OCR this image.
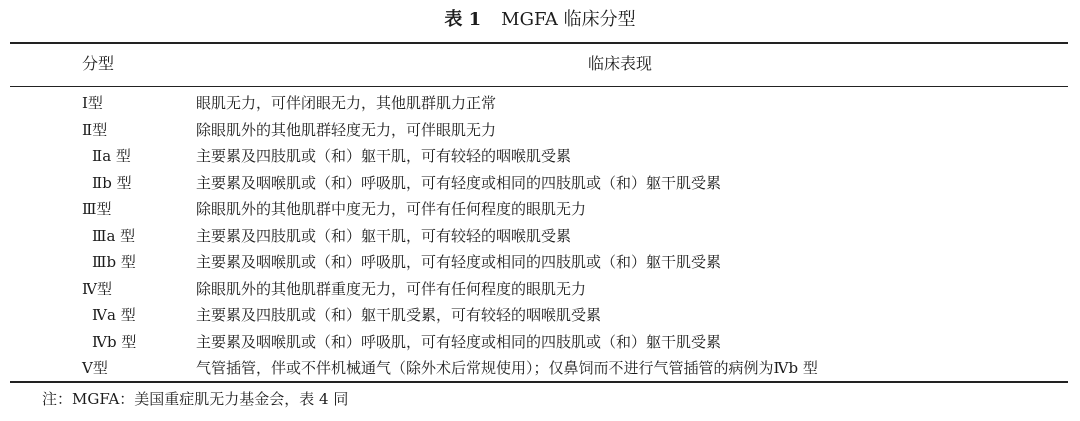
表 1 MGFA 临床分型
分型	临床表现
Ⅰ型	眼肌无力，可伴闭眼无力，其他肌群肌力正常
Ⅱ型	除眼肌外的其他肌群轻度无力，可伴眼肌无力
Ⅱa 型	主要累及四肢肌或（和）躯干肌，可有较轻的咽喉肌受累
Ⅱb 型	主要累及咽喉肌或（和）呼吸肌，可有轻度或相同的四肢肌或（和）躯干肌受累
Ⅲ型	除眼肌外的其他肌群中度无力，可伴有任何程度的眼肌无力
Ⅲa 型	主要累及四肢肌或（和）躯干肌，可有较轻的咽喉肌受累
Ⅲb 型	主要累及咽喉肌或（和）呼吸肌，可有轻度或相同的四肢肌或（和）躯干肌受累
Ⅳ型	除眼肌外的其他肌群重度无力，可伴有任何程度的眼肌无力
Ⅳa 型	主要累及四肢肌或（和）躯干肌受累，可有较轻的咽喉肌受累
Ⅳb 型	主要累及咽喉肌或（和）呼吸肌，可有轻度或相同的四肢肌或（和）躯干肌受累
Ⅴ型	气管插管，伴或不伴机械通气（除外术后常规使用）；仅鼻饲而不进行气管插管的病例为Ⅳb 型
注：MGFA：美国重症肌无力基金会，表 4 同
